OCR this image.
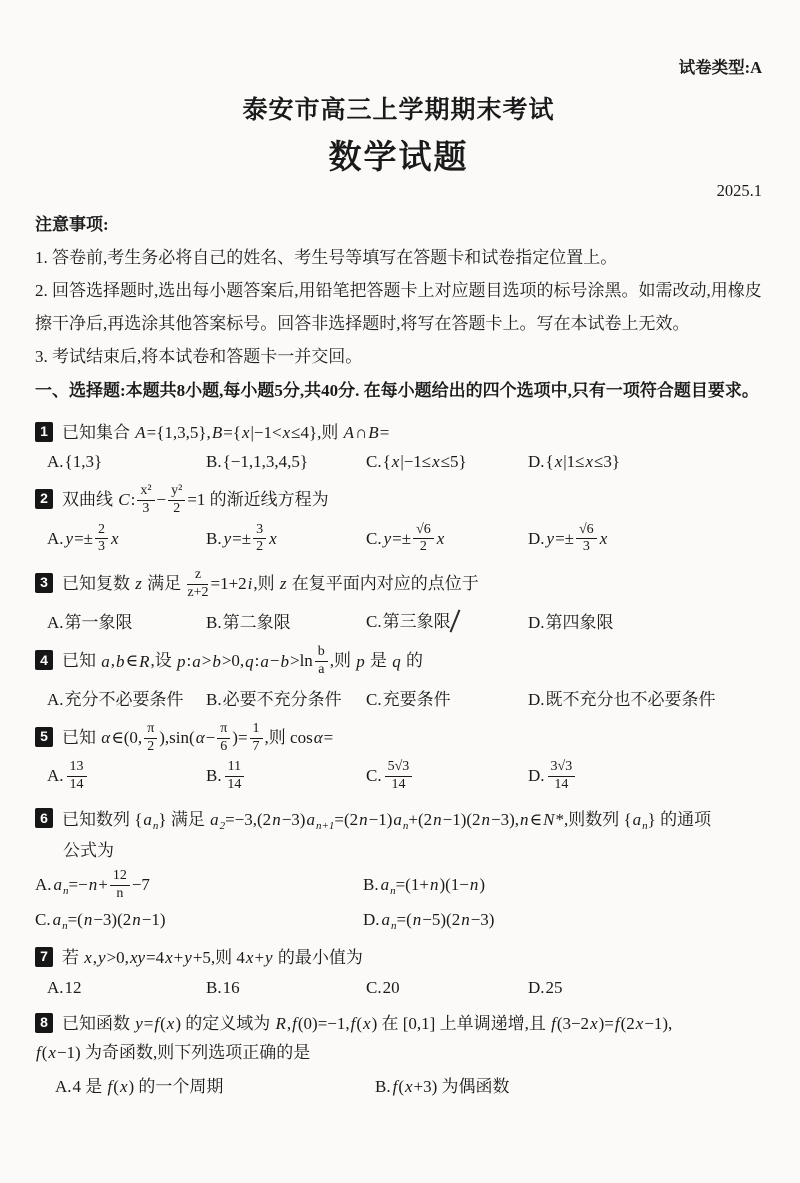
试卷类型:A
泰安市高三上学期期末考试
数学试题
2025.1
注意事项:
1. 答卷前,考生务必将自己的姓名、考生号等填写在答题卡和试卷指定位置上。
2. 回答选择题时,选出每小题答案后,用铅笔把答题卡上对应题目选项的标号涂黑。如需改动,用橡皮擦干净后,再选涂其他答案标号。回答非选择题时,将写在答题卡上。写在本试卷上无效。
3. 考试结束后,将本试卷和答题卡一并交回。
一、选择题:本题共8小题,每小题5分,共40分. 在每小题给出的四个选项中,只有一项符合题目要求。
1 已知集合 A={1,3,5},B={x|−1<x≤4},则 A∩B=
A.{1,3}	B.{−1,1,3,4,5}	C.{x|−1≤x≤5}	D.{x|1≤x≤3}
2 双曲线 C: $\frac{\text{x²}}{3} - \frac{\text{y²}}{2} =1$ 的渐近线方程为
A. $y=\pm \frac{2}{3}$ x	B. $y=\pm \frac{3}{2}$ x	C. $y=\pm \frac{√6}{2}$ x	D. $y=\pm \frac{√6}{3}$ x
3 已知复数 z 满足 $\frac{z}{z+2} =1+2i$,则 z 在复平面内对应的点位于
A.第一象限	B.第二象限	C.第三象限	D.第四象限
4 已知 a,b∈R,设 p:a>b>0,q:a−b>ln $\frac{b}{a}$ ,则 p 是 q 的
A.充分不必要条件	B.必要不充分条件	C.充要条件	D.既不充分也不必要条件
5 已知 α∈(0, $\frac{\pi}{2} ),\sin(\alpha- \frac{\pi}{6}$ )= $\frac{1}{7}$ ,则 cosα=
A. $\frac{13}{14}$	B. $\frac{11}{14}$	C. $\frac{5√3}{14}$	D. $\frac{3√3}{14}$
6 已知数列 $\{a_n\}$ 满足 $a_2=-3,(2n-3)a_{n+1}=(2n-1)a_n+(2n-1)(2n-3),n\in N*$,则数列 $\{a_n\}$ 的通项
公式为
A. $a_n=-n+ \frac{12}{n} -7$	B. $a_n=(1+n)(1-n)$
C. $a_n=(n-3)(2n-1)$	D. $a_n=(n-5)(2n-3)$
7 若 x,y>0,xy=4x+y+5,则 4x+y 的最小值为
A.12	B.16	C.20	D.25
8 已知函数 y=f(x) 的定义域为 R,f(0)=−1,f(x) 在 [0,1] 上单调递增,且 f(3−2x)=f(2x−1),
f(x−1) 为奇函数,则下列选项正确的是
A.4 是 f(x) 的一个周期	B. f(x+3) 为偶函数
